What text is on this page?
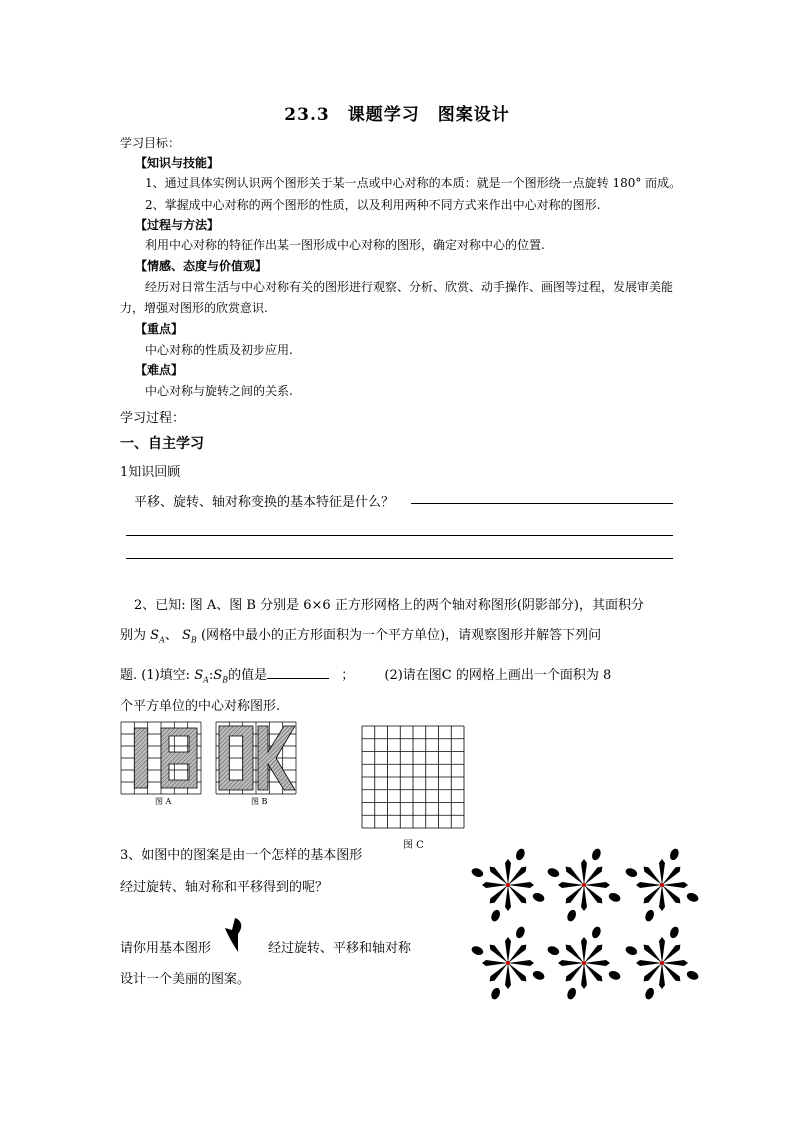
23.3　课题学习　图案设计
学习目标：
【知识与技能】
1、通过具体实例认识两个图形关于某一点或中心对称的本质：就是一个图形绕一点旋转 180° 而成。
2、掌握成中心对称的两个图形的性质，以及利用两种不同方式来作出中心对称的图形.
【过程与方法】
利用中心对称的特征作出某一图形成中心对称的图形，确定对称中心的位置.
【情感、态度与价值观】
经历对日常生活与中心对称有关的图形进行观察、分析、欣赏、动手操作、画图等过程，发展审美能
力，增强对图形的欣赏意识.
【重点】
中心对称的性质及初步应用.
【难点】
中心对称与旋转之间的关系.
学习过程：
一、自主学习
1知识回顾
平移、旋转、轴对称变换的基本特征是什么？
2、已知: 图 A、图 B 分别是 6×6 正方形网格上的两个轴对称图形(阴影部分)，其面积分
别为 $S_A$、 $S_B$ (网格中最小的正方形面积为一个平方单位)，请观察图形并解答下列问
题. (1)填空: $S_A:S_B$的值是	； (2)请在图C 的网格上画出一个面积为 8
个平方单位的中心对称图形.
图 A	图 B
图 C
3、如图中的图案是由一个怎样的基本图形
经过旋转、轴对称和平移得到的呢？
请你用基本图形	经过旋转、平移和轴对称
设计一个美丽的图案。
